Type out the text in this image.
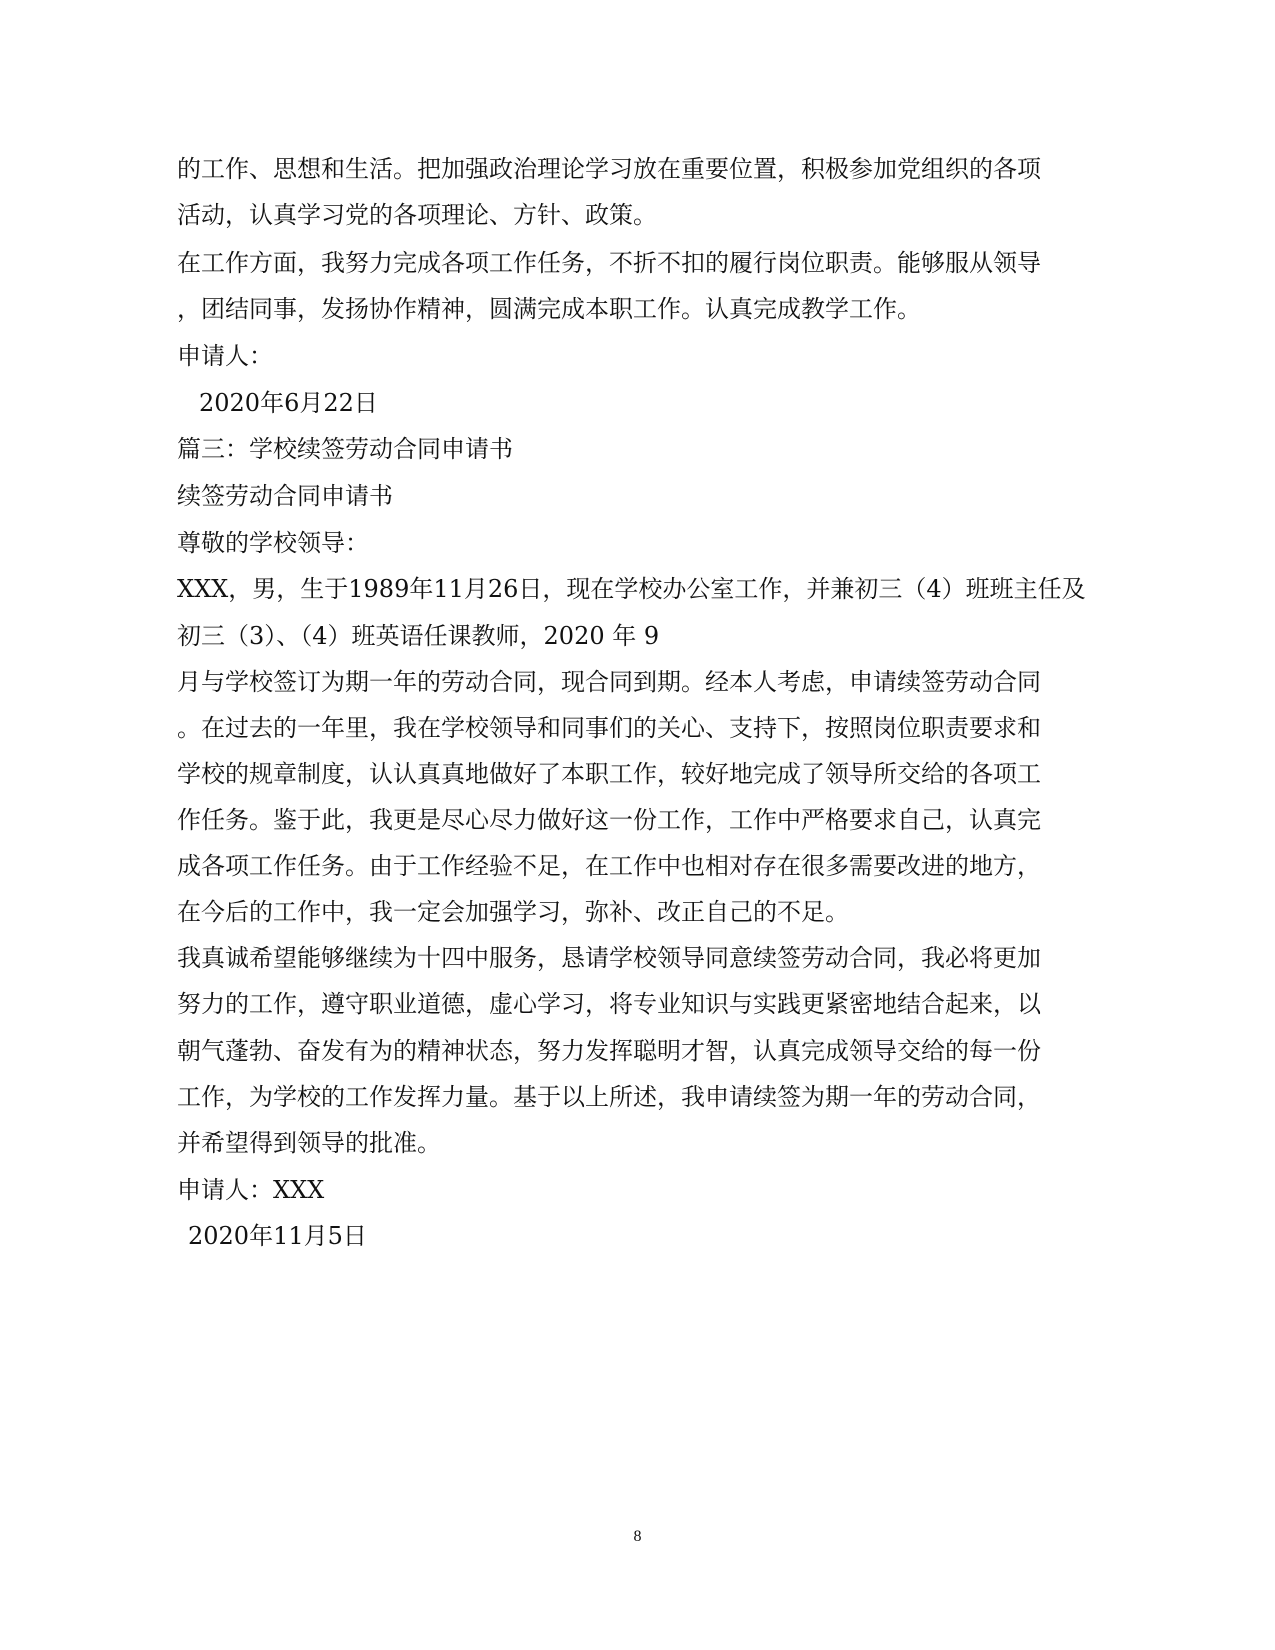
的工作、思想和生活。把加强政治理论学习放在重要位置，积极参加党组织的各项
活动，认真学习党的各项理论、方针、政策。
在工作方面，我努力完成各项工作任务，不折不扣的履行岗位职责。能够服从领导
，团结同事，发扬协作精神，圆满完成本职工作。认真完成教学工作。
申请人：
2020年6月22日
篇三：学校续签劳动合同申请书
续签劳动合同申请书
尊敬的学校领导：
XXX，男，生于1989年11月26日，现在学校办公室工作，并兼初三（4）班班主任及
初三（3）、（4）班英语任课教师，2020 年 9
月与学校签订为期一年的劳动合同，现合同到期。经本人考虑，申请续签劳动合同
。在过去的一年里，我在学校领导和同事们的关心、支持下，按照岗位职责要求和
学校的规章制度，认认真真地做好了本职工作，较好地完成了领导所交给的各项工
作任务。鉴于此，我更是尽心尽力做好这一份工作，工作中严格要求自己，认真完
成各项工作任务。由于工作经验不足，在工作中也相对存在很多需要改进的地方，
在今后的工作中，我一定会加强学习，弥补、改正自己的不足。
我真诚希望能够继续为十四中服务，恳请学校领导同意续签劳动合同，我必将更加
努力的工作，遵守职业道德，虚心学习，将专业知识与实践更紧密地结合起来，以
朝气蓬勃、奋发有为的精神状态，努力发挥聪明才智，认真完成领导交给的每一份
工作，为学校的工作发挥力量。基于以上所述，我申请续签为期一年的劳动合同，
并希望得到领导的批准。
申请人：XXX
2020年11月5日
8
